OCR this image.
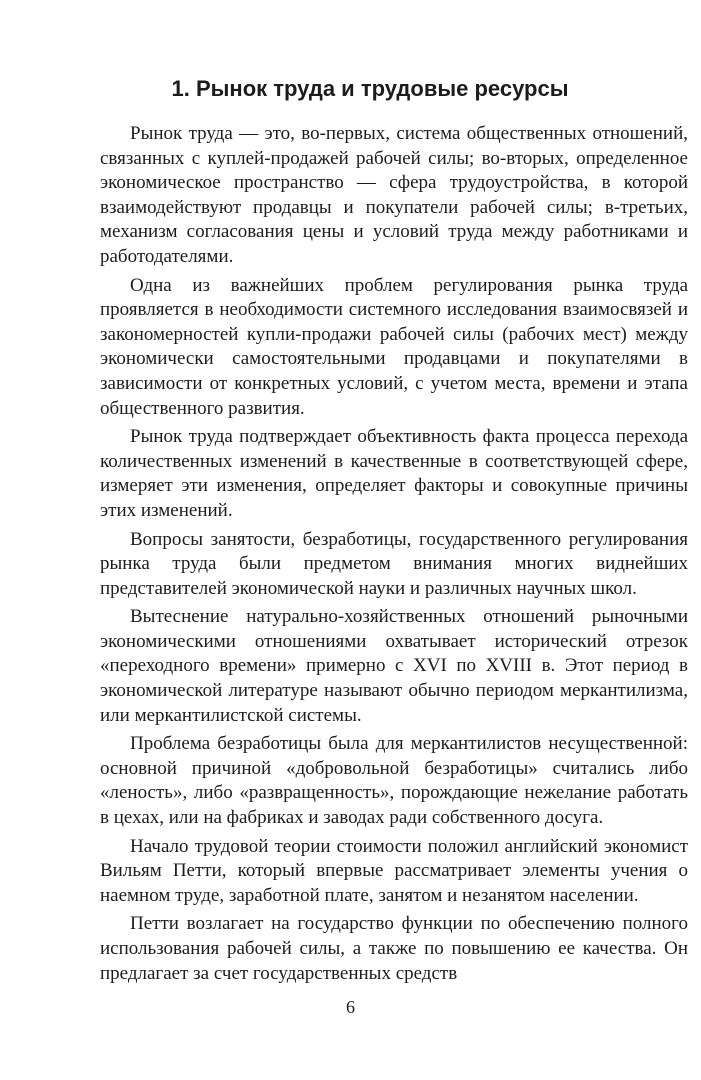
1. Рынок труда и трудовые ресурсы

Рынок труда — это, во-первых, система общественных отношений, связанных с куплей-продажей рабочей силы; во-вторых, определенное экономическое пространство — сфера трудоустройства, в которой взаимодействуют продавцы и покупатели рабочей силы; в-третьих, механизм согласования цены и условий труда между работниками и работодателями.

Одна из важнейших проблем регулирования рынка труда проявляется в необходимости системного исследования взаимосвязей и закономерностей купли-продажи рабочей силы (рабочих мест) между экономически самостоятельными продавцами и покупателями в зависимости от конкретных условий, с учетом места, времени и этапа общественного развития.

Рынок труда подтверждает объективность факта процесса перехода количественных изменений в качественные в соответствующей сфере, измеряет эти изменения, определяет факторы и совокупные причины этих изменений.

Вопросы занятости, безработицы, государственного регулирования рынка труда были предметом внимания многих виднейших представителей экономической науки и различных научных школ.

Вытеснение натурально-хозяйственных отношений рыночными экономическими отношениями охватывает исторический отрезок «переходного времени» примерно с XVI по XVIII в. Этот период в экономической литературе называют обычно периодом меркантилизма, или меркантилистской системы.

Проблема безработицы была для меркантилистов несущественной: основной причиной «добровольной безработицы» считались либо «леность», либо «развращенность», порождающие нежелание работать в цехах, или на фабриках и заводах ради собственного досуга.

Начало трудовой теории стоимости положил английский экономист Вильям Петти, который впервые рассматривает элементы учения о наемном труде, заработной плате, занятом и незанятом населении.

Петти возлагает на государство функции по обеспечению полного использования рабочей силы, а также по повышению ее качества. Он предлагает за счет государственных средств

6
